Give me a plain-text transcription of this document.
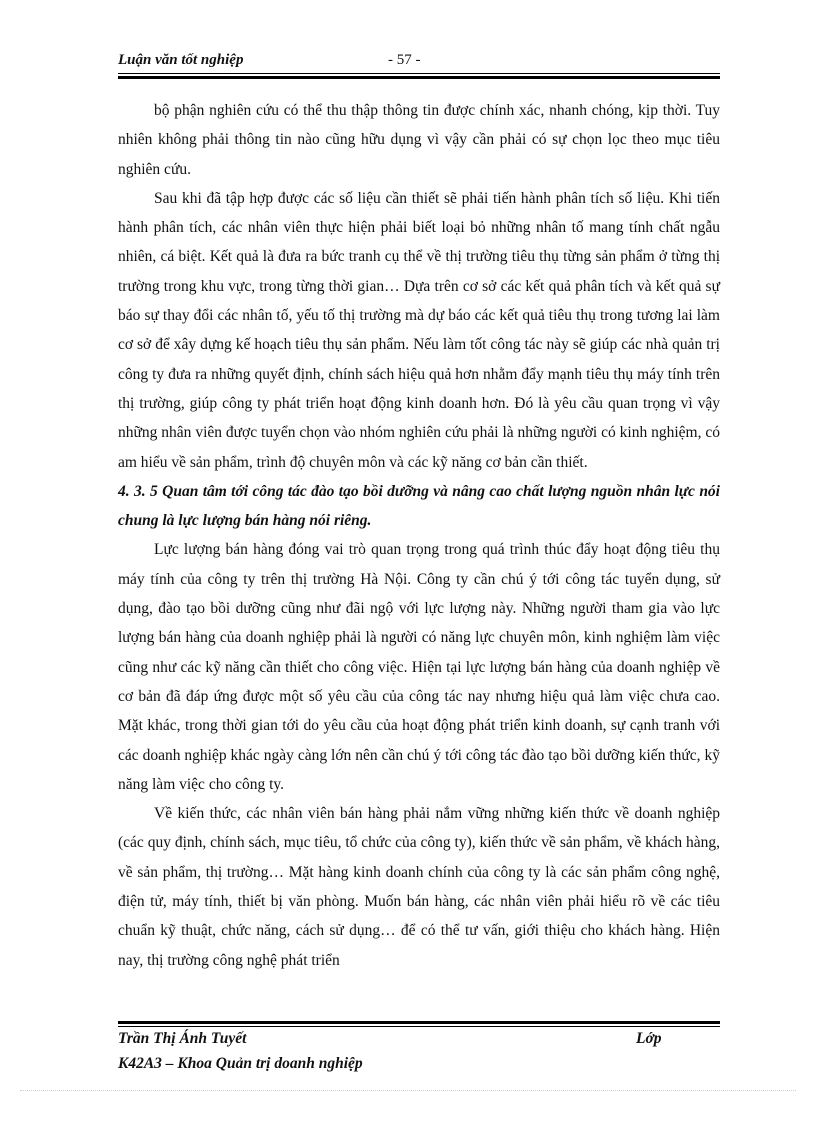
Luận văn tốt nghiệp	- 57 -

bộ phận nghiên cứu có thể thu thập thông tin được chính xác, nhanh chóng, kịp thời. Tuy nhiên không phải thông tin nào cũng hữu dụng vì vậy cần phải có sự chọn lọc theo mục tiêu nghiên cứu.

Sau khi đã tập hợp được các số liệu cần thiết sẽ phải tiến hành phân tích số liệu. Khi tiến hành phân tích, các nhân viên thực hiện phải biết loại bỏ những nhân tố mang tính chất ngẫu nhiên, cá biệt. Kết quả là đưa ra bức tranh cụ thể về thị trường tiêu thụ từng sản phẩm ở từng thị trường trong khu vực, trong từng thời gian… Dựa trên cơ sở các kết quả phân tích và kết quả sự báo sự thay đổi các nhân tố, yếu tố thị trường mà dự báo các kết quả tiêu thụ trong tương lai làm cơ sở để xây dựng kế hoạch tiêu thụ sản phẩm. Nếu làm tốt công tác này sẽ giúp các nhà quản trị công ty đưa ra những quyết định, chính sách hiệu quả hơn nhằm đẩy mạnh tiêu thụ máy tính trên thị trường, giúp công ty phát triển hoạt động kinh doanh hơn. Đó là yêu cầu quan trọng vì vậy những nhân viên được tuyển chọn vào nhóm nghiên cứu phải là những người có kinh nghiệm, có am hiểu về sản phẩm, trình độ chuyên môn và các kỹ năng cơ bản cần thiết.

4. 3. 5 Quan tâm tới công tác đào tạo bồi dưỡng và nâng cao chất lượng nguồn nhân lực nói chung là lực lượng bán hàng nói riêng.

Lực lượng bán hàng đóng vai trò quan trọng trong quá trình thúc đẩy hoạt động tiêu thụ máy tính của công ty trên thị trường Hà Nội. Công ty cần chú ý tới công tác tuyển dụng, sử dụng, đào tạo bồi dưỡng cũng như đãi ngộ với lực lượng này. Những người tham gia vào lực lượng bán hàng của doanh nghiệp phải là người có năng lực chuyên môn, kinh nghiệm làm việc cũng như các kỹ năng cần thiết cho công việc. Hiện tại lực lượng bán hàng của doanh nghiệp về cơ bản đã đáp ứng được một số yêu cầu của công tác nay nhưng hiệu quả làm việc chưa cao. Mặt khác, trong thời gian tới do yêu cầu của hoạt động phát triển kinh doanh, sự cạnh tranh với các doanh nghiệp khác ngày càng lớn nên cần chú ý tới công tác đào tạo bồi dưỡng kiến thức, kỹ năng làm việc cho công ty.

Về kiến thức, các nhân viên bán hàng phải nắm vững những kiến thức về doanh nghiệp (các quy định, chính sách, mục tiêu, tổ chức của công ty), kiến thức về sản phẩm, về khách hàng, về sản phẩm, thị trường… Mặt hàng kinh doanh chính của công ty là các sản phẩm công nghệ, điện tử, máy tính, thiết bị văn phòng. Muốn bán hàng, các nhân viên phải hiểu rõ về các tiêu chuẩn kỹ thuật, chức năng, cách sử dụng… để có thể tư vấn, giới thiệu cho khách hàng. Hiện nay, thị trường công nghệ phát triển

Trần Thị Ánh Tuyết	Lớp
K42A3 – Khoa Quản trị doanh nghiệp
